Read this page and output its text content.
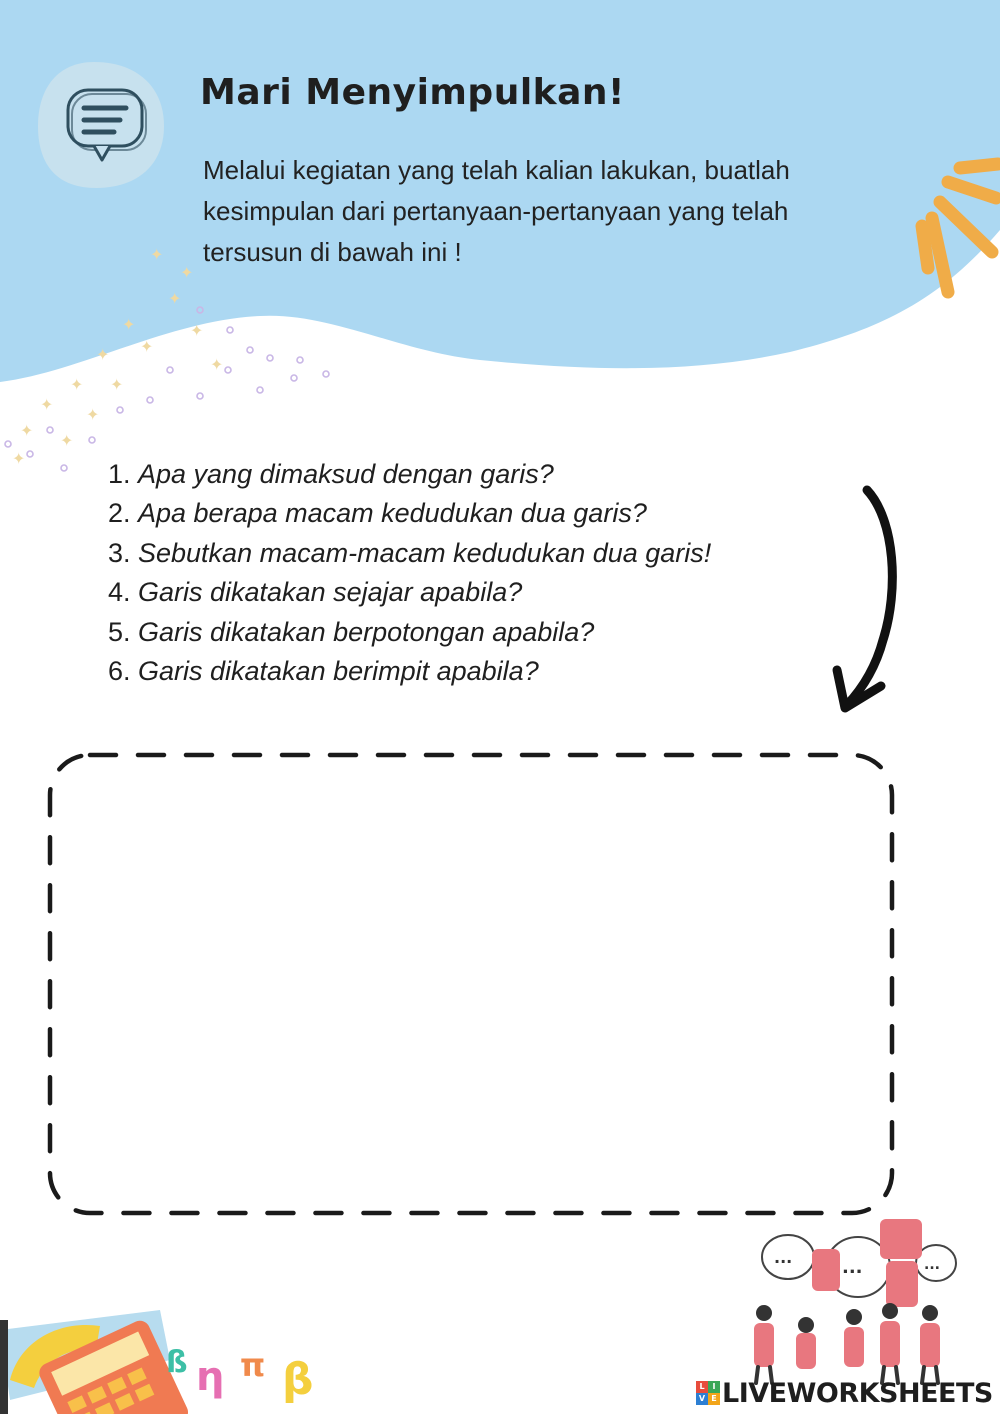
✦
✦
✦
✦
✦
✦
✦
✦ ✦
✦
✦
✦
✦
✦
✦
Mari Menyimpulkan!

Melalui kegiatan yang telah kalian lakukan, buatlah

kesimpulan dari pertanyaan-pertanyaan yang telah

tersusun di bawah ini !

1. Apa yang dimaksud dengan garis?
2. Apa berapa macam kedudukan dua garis?
3. Sebutkan macam-macam kedudukan dua garis!
4. Garis dikatakan sejajar apabila?
5. Garis dikatakan berpotongan apabila?
6. Garis dikatakan berimpit apabila?
ß η π β
...	...	...
L I
V E LIVEWORKSHEETS
